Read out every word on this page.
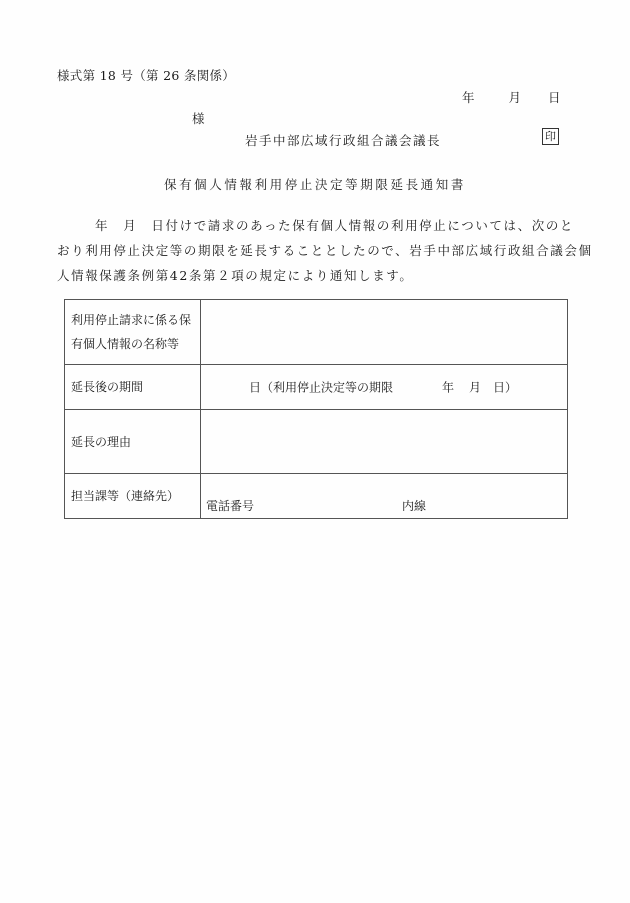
様式第 18 号（第 26 条関係）
年	月 日
様
岩手中部広域行政組合議会議長	印
保有個人情報利用停止決定等期限延長通知書
年　月　日付けで請求のあった保有個人情報の利用停止については、次のと
おり利用停止決定等の期限を延長することとしたので、岩手中部広域行政組合議会個
人情報保護条例第42条第２項の規定により通知します。
利用停止請求に係る保
有個人情報の名称等	

延長後の期間	日（利用停止決定等の期限 年 月 日）

延長の理由	

担当課等（連絡先）	電話番号 内線
